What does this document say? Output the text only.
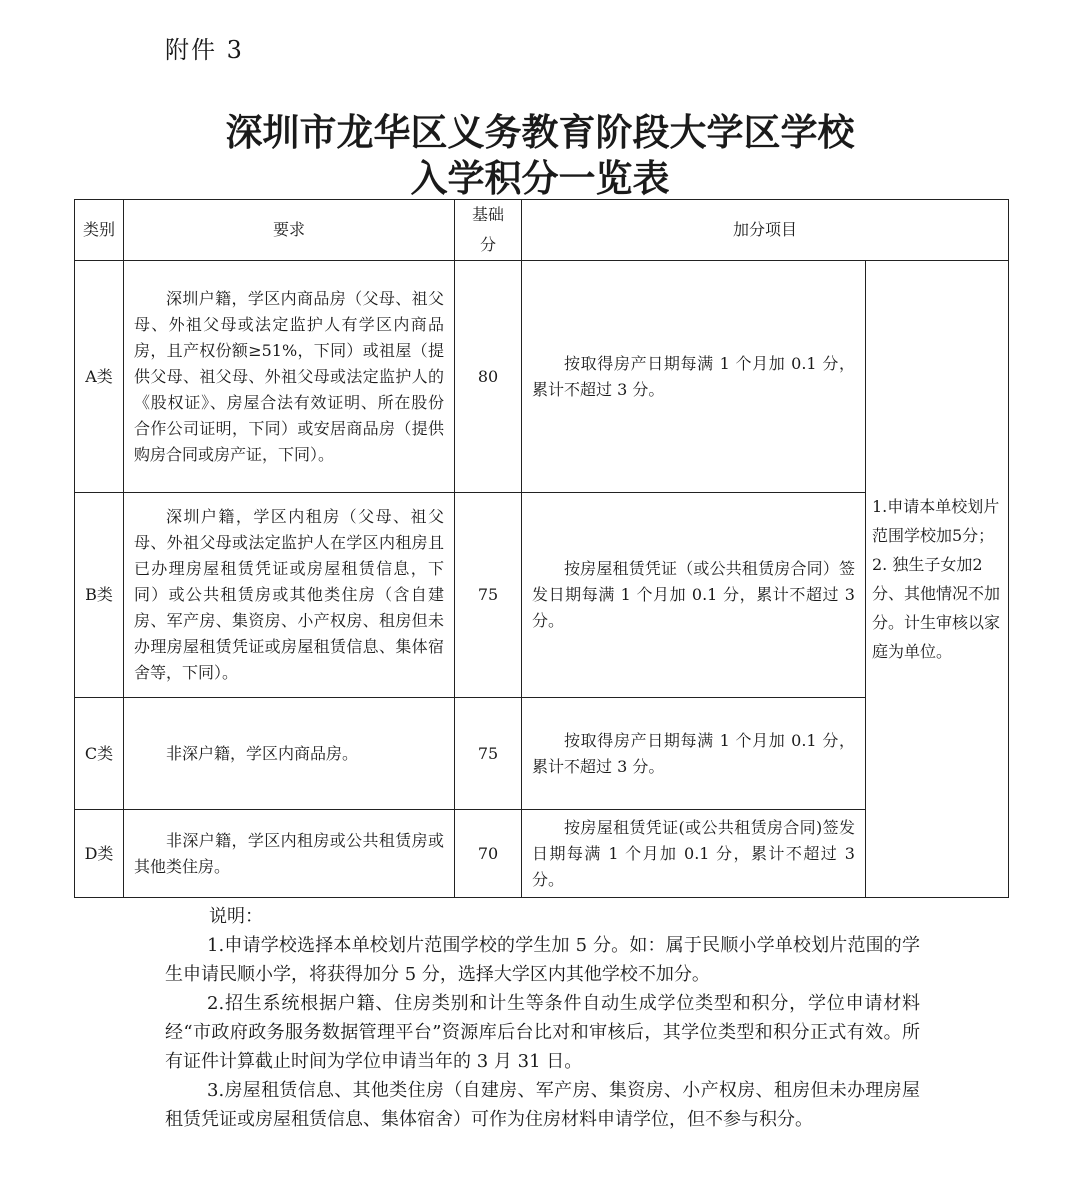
附件 3
深圳市龙华区义务教育阶段大学区学校
入学积分一览表
类别	要求	基础分	加分项目	
A类	深圳户籍，学区内商品房（父母、祖父母、外祖父母或法定监护人有学区内商品房，且产权份额≥51%，下同）或祖屋（提供父母、祖父母、外祖父母或法定监护人的《股权证》、房屋合法有效证明、所在股份合作公司证明，下同）或安居商品房（提供购房合同或房产证，下同）。	80	按取得房产日期每满 1 个月加 0.1 分，累计不超过 3 分。	1.申请本单校划片范围学校加5分；2. 独生子女加2分、其他情况不加分。计生审核以家庭为单位。
B类	深圳户籍，学区内租房（父母、祖父母、外祖父母或法定监护人在学区内租房且已办理房屋租赁凭证或房屋租赁信息，下同）或公共租赁房或其他类住房（含自建房、军产房、集资房、小产权房、租房但未办理房屋租赁凭证或房屋租赁信息、集体宿舍等，下同）。	75	按房屋租赁凭证（或公共租赁房合同）签发日期每满 1 个月加 0.1 分，累计不超过 3 分。	
C类	非深户籍，学区内商品房。	75	按取得房产日期每满 1 个月加 0.1 分，累计不超过 3 分。	
D类	非深户籍，学区内租房或公共租赁房或其他类住房。	70	按房屋租赁凭证(或公共租赁房合同)签发日期每满 1 个月加 0.1 分，累计不超过 3 分。	

说明：

1.申请学校选择本单校划片范围学校的学生加 5 分。如：属于民顺小学单校划片范围的学生申请民顺小学，将获得加分 5 分，选择大学区内其他学校不加分。

2.招生系统根据户籍、住房类别和计生等条件自动生成学位类型和积分，学位申请材料经“市政府政务服务数据管理平台”资源库后台比对和审核后，其学位类型和积分正式有效。所有证件计算截止时间为学位申请当年的 3 月 31 日。

3.房屋租赁信息、其他类住房（自建房、军产房、集资房、小产权房、租房但未办理房屋租赁凭证或房屋租赁信息、集体宿舍）可作为住房材料申请学位，但不参与积分。
